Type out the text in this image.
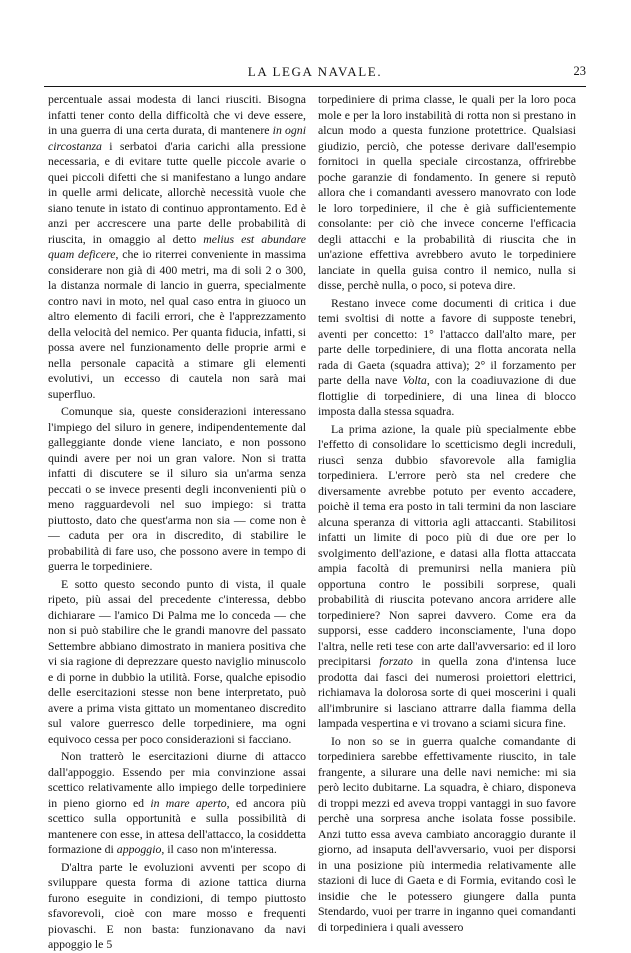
LA LEGA NAVALE.	23

percentuale assai modesta di lanci riusciti. Bisogna infatti tener conto della difficoltà che vi deve essere, in una guerra di una certa durata, di mantenere in ogni circostanza i serbatoi d'aria carichi alla pressione necessaria, e di evitare tutte quelle piccole avarie o quei piccoli difetti che si manifestano a lungo andare in quelle armi delicate, allorchè necessità vuole che siano tenute in istato di continuo approntamento. Ed è anzi per accrescere una parte delle probabilità di riuscita, in omaggio al detto melius est abundare quam deficere, che io riterrei conveniente in massima considerare non già di 400 metri, ma di soli 2 o 300, la distanza normale di lancio in guerra, specialmente contro navi in moto, nel qual caso entra in giuoco un altro elemento di facili errori, che è l'apprezzamento della velocità del nemico. Per quanta fiducia, infatti, si possa avere nel funzionamento delle proprie armi e nella personale capacità a stimare gli elementi evolutivi, un eccesso di cautela non sarà mai superfluo.

Comunque sia, queste considerazioni interessano l'impiego del siluro in genere, indipendentemente dal galleggiante donde viene lanciato, e non possono quindi avere per noi un gran valore. Non si tratta infatti di discutere se il siluro sia un'arma senza peccati o se invece presenti degli inconvenienti più o meno ragguardevoli nel suo impiego: si tratta piuttosto, dato che quest'arma non sia — come non è — caduta per ora in discredito, di stabilire le probabilità di fare uso, che possono avere in tempo di guerra le torpediniere.

E sotto questo secondo punto di vista, il quale ripeto, più assai del precedente c'interessa, debbo dichiarare — l'amico Di Palma me lo conceda — che non si può stabilire che le grandi manovre del passato Settembre abbiano dimostrato in maniera positiva che vi sia ragione di deprezzare questo naviglio minuscolo e di porne in dubbio la utilità. Forse, qualche episodio delle esercitazioni stesse non bene interpretato, può avere a prima vista gittato un momentaneo discredito sul valore guerresco delle torpediniere, ma ogni equivoco cessa per poco considerazioni si facciano.

Non tratterò le esercitazioni diurne di attacco dall'appoggio. Essendo per mia convinzione assai scettico relativamente allo impiego delle torpediniere in pieno giorno ed in mare aperto, ed ancora più scettico sulla opportunità e sulla possibilità di mantenere con esse, in attesa dell'attacco, la cosiddetta formazione di appoggio, il caso non m'interessa.

D'altra parte le evoluzioni avventi per scopo di sviluppare questa forma di azione tattica diurna furono eseguite in condizioni, di tempo piuttosto sfavorevoli, cioè con mare mosso e frequenti piovaschi. E non basta: funzionavano da navi appoggio le 5

torpediniere di prima classe, le quali per la loro poca mole e per la loro instabilità di rotta non si prestano in alcun modo a questa funzione protettrice. Qualsiasi giudizio, perciò, che potesse derivare dall'esempio fornitoci in quella speciale circostanza, offrirebbe poche garanzie di fondamento. In genere si reputò allora che i comandanti avessero manovrato con lode le loro torpediniere, il che è già sufficientemente consolante: per ciò che invece concerne l'efficacia degli attacchi e la probabilità di riuscita che in un'azione effettiva avrebbero avuto le torpediniere lanciate in quella guisa contro il nemico, nulla si disse, perchè nulla, o poco, si poteva dire.

Restano invece come documenti di critica i due temi svoltisi di notte a favore di supposte tenebri, aventi per concetto: 1° l'attacco dall'alto mare, per parte delle torpediniere, di una flotta ancorata nella rada di Gaeta (squadra attiva); 2° il forzamento per parte della nave Volta, con la coadiuvazione di due flottiglie di torpediniere, di una linea di blocco imposta dalla stessa squadra.

La prima azione, la quale più specialmente ebbe l'effetto di consolidare lo scetticismo degli increduli, riuscì senza dubbio sfavorevole alla famiglia torpediniera. L'errore però sta nel credere che diversamente avrebbe potuto per evento accadere, poichè il tema era posto in tali termini da non lasciare alcuna speranza di vittoria agli attaccanti. Stabilitosi infatti un limite di poco più di due ore per lo svolgimento dell'azione, e datasi alla flotta attaccata ampia facoltà di premunirsi nella maniera più opportuna contro le possibili sorprese, quali probabilità di riuscita potevano ancora arridere alle torpediniere? Non saprei davvero. Come era da supporsi, esse caddero inconsciamente, l'una dopo l'altra, nelle reti tese con arte dall'avversario: ed il loro precipitarsi forzato in quella zona d'intensa luce prodotta dai fasci dei numerosi proiettori elettrici, richiamava la dolorosa sorte di quei moscerini i quali all'imbrunire si lasciano attrarre dalla fiamma della lampada vespertina e vi trovano a sciami sicura fine.

Io non so se in guerra qualche comandante di torpediniera sarebbe effettivamente riuscito, in tale frangente, a silurare una delle navi nemiche: mi sia però lecito dubitarne. La squadra, è chiaro, disponeva di troppi mezzi ed aveva troppi vantaggi in suo favore perchè una sorpresa anche isolata fosse possibile. Anzi tutto essa aveva cambiato ancoraggio durante il giorno, ad insaputa dell'avversario, vuoi per disporsi in una posizione più intermedia relativamente alle stazioni di luce di Gaeta e di Formia, evitando così le insidie che le potessero giungere dalla punta Stendardo, vuoi per trarre in inganno quei comandanti di torpediniera i quali avessero
